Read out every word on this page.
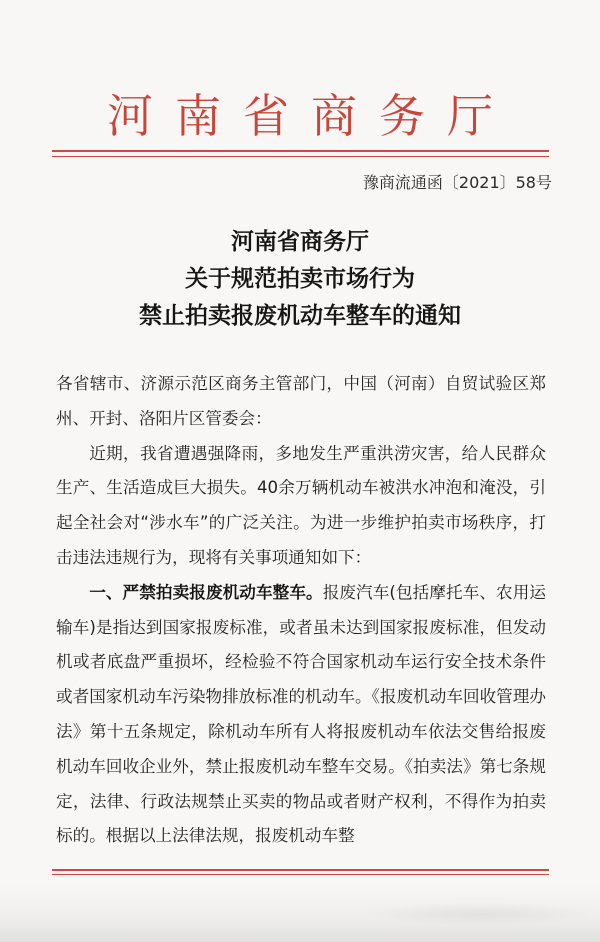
河南省商务厅
豫商流通函〔2021〕58号
河南省商务厅
关于规范拍卖市场行为
禁止拍卖报废机动车整车的通知

各省辖市、济源示范区商务主管部门，中国（河南）自贸试验区郑州、开封、洛阳片区管委会：

近期，我省遭遇强降雨，多地发生严重洪涝灾害，给人民群众生产、生活造成巨大损失。40余万辆机动车被洪水冲泡和淹没，引起全社会对“涉水车”的广泛关注。为进一步维护拍卖市场秩序，打击违法违规行为，现将有关事项通知如下：

一、严禁拍卖报废机动车整车。报废汽车(包括摩托车、农用运输车)是指达到国家报废标准，或者虽未达到国家报废标准，但发动机或者底盘严重损坏，经检验不符合国家机动车运行安全技术条件或者国家机动车污染物排放标准的机动车。《报废机动车回收管理办法》第十五条规定，除机动车所有人将报废机动车依法交售给报废机动车回收企业外，禁止报废机动车整车交易。《拍卖法》第七条规定，法律、行政法规禁止买卖的物品或者财产权利，不得作为拍卖标的。根据以上法律法规，报废机动车整
